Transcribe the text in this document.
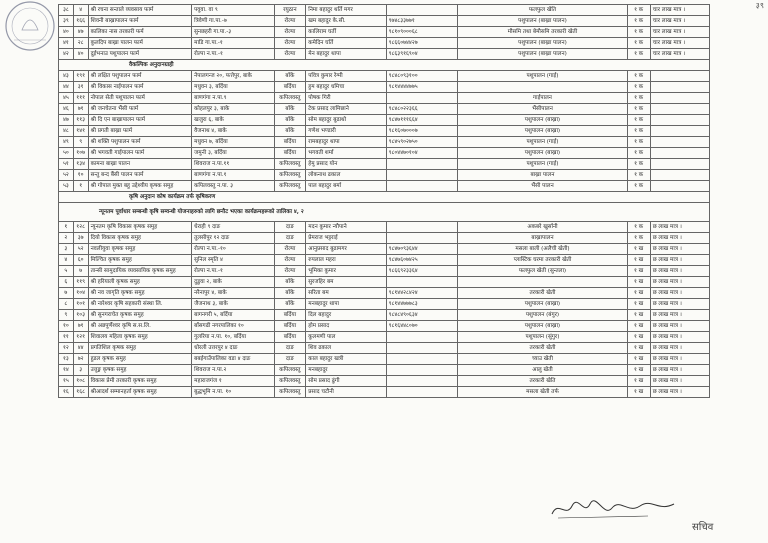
३९
३८	४	श्री रचना सन्ताले व्यवसाय फार्म	पवुवा. वा ९	रयुठान	निमा बहादुर थर्ति मगर		फलफुल खेति	१ क	चार लाख मात्र ।
३९	१६६	शिवनी बाख्रापालन फार्म	त्रिवेणी गा.पा.-७	रोल्पा	खम बहादुर के.सी.	९७४८३३७७१	पशुपालन (बाख्रा पालन)	१ क	चार लाख मात्र ।
४०	४७	कालिका नास तरकारी फर्म	सुनछहरी गा.पा.-३	रोल्पा	कालिराम घर्ती	९८१०९०००६८	मौसमि तथा बेमौसमि तरकारी खेती	१ क	चार लाख मात्र ।
४१	२८	कुलदिप बाख्रा पालन फार्म	माडि गा.पा.-१	रोल्पा	कमेदिन घर्ति	९८६६०७४४२७	पशुपालन (बाख्रा पालन)	१ क	चार लाख मात्र ।
४२	४०	दुईभनाउ पशुपालन फार्म	रोल्पा न.पा.-१	रोल्पा	मेन बहादुर थापा	९८६३९१६९०४	पशुपालन (बाख्रा पालन)	१ क	चार लाख मात्र ।
वैकल्पिक अनुदानग्राही									
४३	१९१	श्री लक्षित पशुपालन फार्म	नेपालगन्ज २०, फत्तेपुर, बाके	बाँके	पवित्र कुमार रेग्मी	९८४८०९३१००	पशुपालन (गाई)	१ क	
४४	३१	श्री विकास नाईपालन फार्म	मधुवन ३, बर्दिया	बर्दिया	हुम बहादुर धमिचा	९८१४४४४७७५		१ क	
४५	१११	नोपाल सेती पशुपालन फार्म	बाणगंगा न.पा.९	कपिलवस्तु	पोषक गिरी		गाईपालन	१ क	
४६	७१	श्री जनचेतना भैंसी फार्म	कोहलपुर ३, बाके	बाँके	टेक प्रसाद लामिछाने	९८४८०२२३६६	भैंसीपालन	१ क	
४७	११३	श्री दि एन बाख्रापालन फार्म	खजुरा ६, बाके	बाँके	सोम बहादुर बुढाथो	९८४७१११६६४	पशुपालन (बाख्रा)	१ क	
४८	१४१	श्री प्रगती बाख्रा फार्म	वैजनाथ ४, बाके	बाँके	गणेश भण्डारी	९८१६०७०००७	पशुपालन (बाख्रा)	१ क	
४९	९	श्री शक्ति पशुपालन फार्म	मधुवन ७, बर्दिया	बर्दिया	रामबहादुर थापा	९८४५९०२७५०	पशुपालन (गाई)	१ क	
५०	१०७	श्री भगवती गाईपालन फार्म	जमुनी ३, बर्दिया	बर्दिया	भगवती शर्मा	९८०४४७०१०४	पशुपालन (बाख्रा)	१ क	
५१	१३४	कामना बाख्रा पालन	शिवराज न.पा.११	कपिलवस्तु	हेमु प्रसाद योन		पशुपालन (गाई)	१ क	
५२	१०	सन्तु बन्द बैंसी पालन फार्म	बाणगंगा न.पा.१	कपिलवस्तु	लोकनाथ ढकाल		बाख्रा पालन	१ क	
५३	१	श्री गोपाल मुक्त बहु उद्देश्यीय कृषक समुह	कपिलवस्तु न.पा. ३	कपिलवस्तु	पाल बहादुर बर्मा		भैंसी पालन	१ क	
कृषि अनुदान कोष कार्यक्रम तर्फ कृषिकरण									
न्यूनतम पूर्वाधार सम्बन्धी कृषि सम्वन्धी योजनाहरुको लागि छनौट भएका कार्यक्रमहरूको तालिका ४, २									
१	१२८	न्युनतम कृषि विकास कृषक समुह	धेराही ९ दाङ	दाङ	मदन कुमार न्यौपाने		अकबरे खुर्सानी	१ क	छ लाख मात्र ।
२	३७	दियो विकास कृषक समुह	तुलसीपुर १२ दाङ	दाङ	प्रेमराज भट्टराई		बाख्रापालन	१ क	छ लाख मात्र ।
३	५२	नवलीयुवा कृषक समुह	रोल्पा न.पा.-१०	रोल्पा	आनुप्रसाद बुढामगर	९८४७०९३६४४	मसला बाली (अलैची खेती)	१ ख	छ लाख मात्र ।
४	६०	मिल्चित कृषक समुह	सुनिल स्मृति ४	रोल्पा	रुपलाल महरा	९८४७६०७४२५	प्लास्टिक घरमा तरकारी खेती	१ ख	छ लाख मात्र ।
५	७	तान्सी सामुदायिक व्यवसायिक कृषक समुह	रोल्पा न.पा.-१	रोल्पा	भूमिका कुमार	९८६६९२३३६४	फलफुल खेती (सुन्तला)	१ ख	छ लाख मात्र ।
६	११९	श्री हरियाली कृषक समुह	दुडुवा २, बाके	बाँके	सुरजहिर बम			१ ख	छ लाख मात्र ।
७	१०४	श्री नव जागृति कृषक समुह	नरैनापुर ४, बाके	बाँके	सरिता बम	९८१४४२८४२४	तरकारी खेती	१ ख	छ लाख मात्र ।
८	१०१	श्री नारेश्वर कृषि सहकारी संस्था लि.	जैजनाथ ३, बाके	बाँके	मनबहादुर थापा	९८१४४७७७८३	पशुपालन (बाख्रा)	१ ख	छ लाख मात्र ।
९	१०३	श्री सुनगराचेत कृषक समुह	बागनगरी ५, बर्दिया	बर्दिया	दिल बहादुर	९८४८४९०६३४	पशुपालन (बंगुर)	१ ख	छ लाख मात्र ।
१०	७१	श्री अन्नपूर्णेश्वर कृषि स.स.लि.	बाँसगढी नगरपालिका १०	बर्दिया	होम प्रसाद	९८१६४४८०७०	पशुपालन (बाख्रा)	१ ख	छ लाख मात्र ।
११	१२१	शिवालय महिला कृषक समुह	गुलरिया न.पा. १०, बर्दिया	बर्दिया	कुलमणी पाल		पशुपालन (सुंगुर)	१ ख	छ लाख मात्र ।
१२	४४	प्रगतिशिल कृषक समुह	धोरली उत्तरपुर ४ दाङ	दाङ	शिव ढकाल		तरकारी खेती	१ ख	छ लाख मात्र ।
१३	७२	हुडल कृषक समुह	बबईगाउँपालिका वडा ४ दाङ	दाङ	काल बहादुर खत्री		च्याउ खेती	१ ख	छ लाख मात्र ।
१४	३	उत्तुङ्ग कृषक समुह	शिवराज न.पा.२	कपिलवस्तु	मनबहादुर		आलु खेती	१ ख	छ लाख मात्र ।
१५	१०८	विकास प्रेमी तरकारी कृषक समुह	महाराजगंज १	कपिलवस्तु	सोम प्रसाद ढुंगी		तरकारी खेति	१ ख	छ लाख मात्र ।
१६	१६८	श्रीआदर्श सम्मानहर्ता कृषक समुह	बुद्धभूमि न.पा. १०	कपिलवस्तु	प्रसाद चटौनी		मसला खेती तर्फ	१ ख	छ लाख मात्र ।
सचिव
